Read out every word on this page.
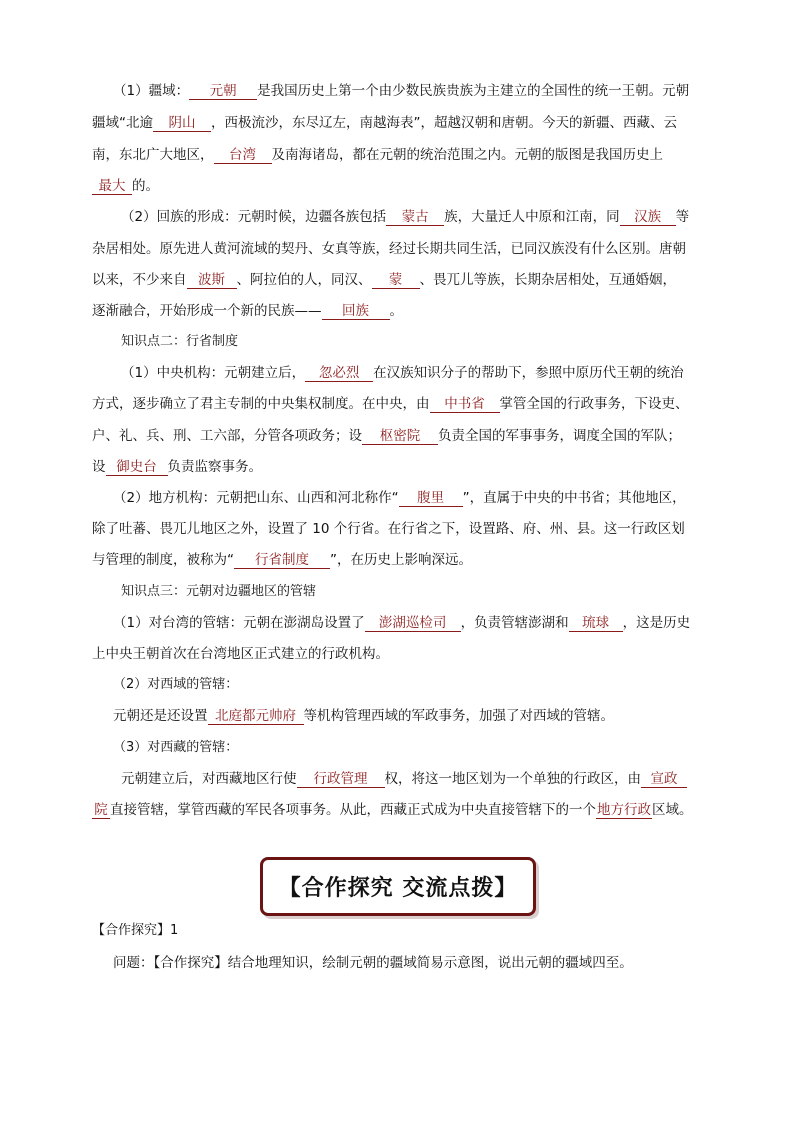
（1）疆域： 元朝 是我国历史上第一个由少数民族贵族为主建立的全国性的统一王朝。元朝
疆域“北逾 阴山 ，西极流沙，东尽辽左，南越海表”，超越汉朝和唐朝。今天的新疆、西藏、云
南，东北广大地区， 台湾 及南海诸岛，都在元朝的统治范围之内。元朝的版图是我国历史上
最大 的。
（2）回族的形成：元朝时候，边疆各族包括 蒙古 族，大量迁人中原和江南，同 汉族 等
杂居相处。原先进人黄河流域的契丹、女真等族，经过长期共同生活，已同汉族没有什么区别。唐朝
以来，不少来自 波斯 、阿拉伯的人，同汉、 蒙 、畏兀儿等族，长期杂居相处，互通婚姻，
逐渐融合，开始形成一个新的民族—— 回族 。
知识点二：行省制度
（1）中央机构：元朝建立后， 忽必烈 在汉族知识分子的帮助下，参照中原历代王朝的统治
方式，逐步确立了君主专制的中央集权制度。在中央，由 中书省 掌管全国的行政事务，下设吏、
户、礼、兵、刑、工六部，分管各项政务；设 枢密院 负责全国的军事事务，调度全国的军队；
设 御史台 负责监察事务。
（2）地方机构：元朝把山东、山西和河北称作“ 腹里 ”，直属于中央的中书省；其他地区，
除了吐蕃、畏兀儿地区之外，设置了 10 个行省。在行省之下，设置路、府、州、县。这一行政区划
与管理的制度，被称为“ 行省制度 ”，在历史上影响深远。
知识点三：元朝对边疆地区的管辖
（1）对台湾的管辖：元朝在澎湖岛设置了 澎湖巡检司 ，负责管辖澎湖和 琉球 ，这是历史
上中央王朝首次在台湾地区正式建立的行政机构。
（2）对西域的管辖：
元朝还是还设置 北庭都元帅府 等机构管理西域的军政事务，加强了对西域的管辖。
（3）对西藏的管辖：
元朝建立后，对西藏地区行使 行政管理 权，将这一地区划为一个单独的行政区，由 宣政
院 直接管辖，掌管西藏的军民各项事务。从此，西藏正式成为中央直接管辖下的一个地方行政区域。
【合作探究 交流点拨】
【合作探究】1
问题：【合作探究】结合地理知识，绘制元朝的疆域简易示意图，说出元朝的疆域四至。
